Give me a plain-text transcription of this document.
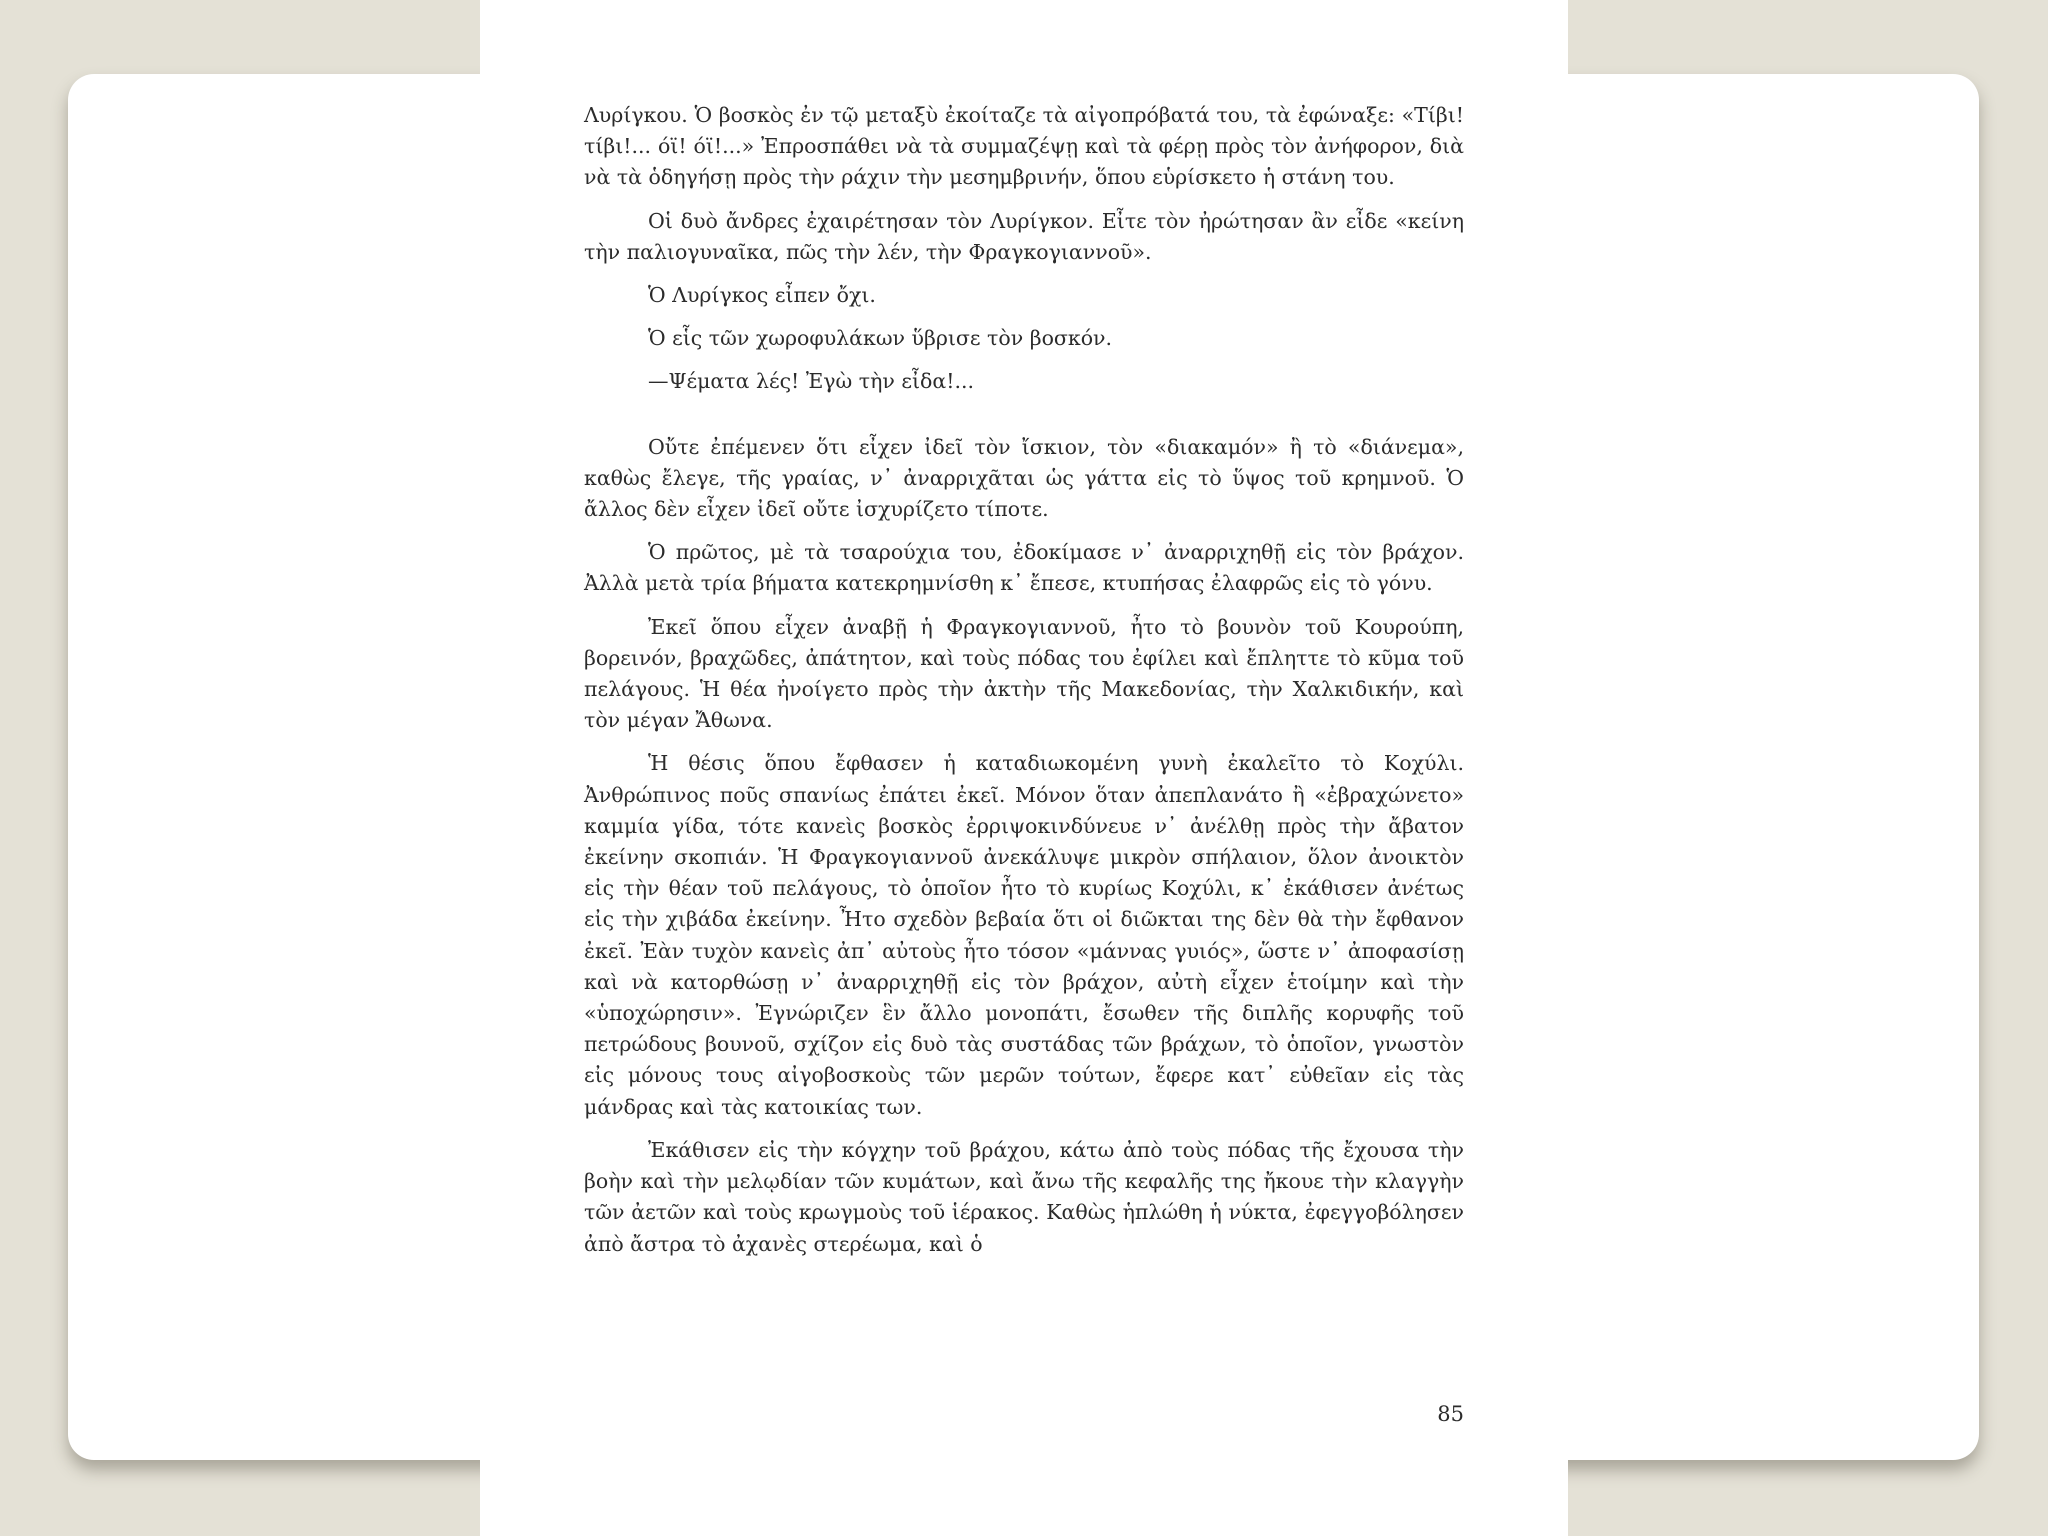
Λυρίγκου. Ὁ βοσκὸς ἐν τῷ μεταξὺ ἐκοίταζε τὰ αἰγοπρόβατά του, τὰ ἐφώναξε: «Τίβι! τίβι!... όϊ! όϊ!...» Ἐπροσπάθει νὰ τὰ συμμαζέψῃ καὶ τὰ φέρῃ πρὸς τὸν ἀνήφορον, διὰ νὰ τὰ ὁδηγήσῃ πρὸς τὴν ράχιν τὴν μεσημβρινήν, ὅπου εὑρίσκετο ἡ στάνη του.

Οἱ δυὸ ἄνδρες ἐχαιρέτησαν τὸν Λυρίγκον. Εἶτε τὸν ἠρώτησαν ἂν εἶδε «κείνη τὴν παλιογυναῖκα, πῶς τὴν λέν, τὴν Φραγκογιαννοῦ».

Ὁ Λυρίγκος εἶπεν ὄχι.

Ὁ εἷς τῶν χωροφυλάκων ὕβρισε τὸν βοσκόν.

—Ψέματα λές! Ἐγὼ τὴν εἶδα!...

Οὔτε ἐπέμενεν ὅτι εἶχεν ἰδεῖ τὸν ἴσκιον, τὸν «διακαμόν» ἢ τὸ «διάνεμα», καθὼς ἔλεγε, τῆς γραίας, ν᾽ ἀναρριχᾶται ὡς γάττα εἰς τὸ ὕψος τοῦ κρημνοῦ. Ὁ ἄλλος δὲν εἶχεν ἰδεῖ οὔτε ἰσχυρίζετο τίποτε.

Ὁ πρῶτος, μὲ τὰ τσαρούχια του, ἐδοκίμασε ν᾽ ἀναρριχηθῇ εἰς τὸν βράχον. Ἀλλὰ μετὰ τρία βήματα κατεκρημνίσθη κ᾽ ἔπεσε, κτυπήσας ἐλαφρῶς εἰς τὸ γόνυ.

Ἐκεῖ ὅπου εἶχεν ἀναβῇ ἡ Φραγκογιαννοῦ, ἦτο τὸ βουνὸν τοῦ Κουρούπη, βορεινόν, βραχῶδες, ἀπάτητον, καὶ τοὺς πόδας του ἐφίλει καὶ ἔπληττε τὸ κῦμα τοῦ πελάγους. Ἡ θέα ἠνοίγετο πρὸς τὴν ἀκτὴν τῆς Μακεδονίας, τὴν Χαλκιδικήν, καὶ τὸν μέγαν Ἄθωνα.

Ἡ θέσις ὅπου ἔφθασεν ἡ καταδιωκομένη γυνὴ ἐκαλεῖτο τὸ Κοχύλι. Ἀνθρώπινος ποῦς σπανίως ἐπάτει ἐκεῖ. Μόνον ὅταν ἀπεπλανάτο ἢ «ἐβραχώνετο» καμμία γίδα, τότε κανεὶς βοσκὸς ἐρριψοκινδύνευε ν᾽ ἀνέλθῃ πρὸς τὴν ἄβατον ἐκείνην σκοπιάν. Ἡ Φραγκογιαννοῦ ἀνεκάλυψε μικρὸν σπήλαιον, ὅλον ἀνοικτὸν εἰς τὴν θέαν τοῦ πελάγους, τὸ ὁποῖον ἦτο τὸ κυρίως Κοχύλι, κ᾽ ἐκάθισεν ἀνέτως εἰς τὴν χιβάδα ἐκείνην. Ἦτο σχεδὸν βεβαία ὅτι οἱ διῶκται της δὲν θὰ τὴν ἔφθανον ἐκεῖ. Ἐὰν τυχὸν κανεὶς ἀπ᾽ αὐτοὺς ἦτο τόσον «μάννας γυιός», ὥστε ν᾽ ἀποφασίσῃ καὶ νὰ κατορθώσῃ ν᾽ ἀναρριχηθῇ εἰς τὸν βράχον, αὐτὴ εἶχεν ἑτοίμην καὶ τὴν «ὑποχώρησιν». Ἐγνώριζεν ἓν ἄλλο μονοπάτι, ἔσωθεν τῆς διπλῆς κορυφῆς τοῦ πετρώδους βουνοῦ, σχίζον εἰς δυὸ τὰς συστάδας τῶν βράχων, τὸ ὁποῖον, γνωστὸν εἰς μόνους τους αἰγοβοσκοὺς τῶν μερῶν τούτων, ἔφερε κατ᾽ εὐθεῖαν εἰς τὰς μάνδρας καὶ τὰς κατοικίας των.

Ἐκάθισεν εἰς τὴν κόγχην τοῦ βράχου, κάτω ἀπὸ τοὺς πόδας τῆς ἔχουσα τὴν βοὴν καὶ τὴν μελῳδίαν τῶν κυμάτων, καὶ ἄνω τῆς κεφαλῆς της ἤκουε τὴν κλαγγὴν τῶν ἀετῶν καὶ τοὺς κρωγμοὺς τοῦ ἱέρακος. Καθὼς ἡπλώθη ἡ νύκτα, ἐφεγγοβόλησεν ἀπὸ ἄστρα τὸ ἀχανὲς στερέωμα, καὶ ὁ

85
